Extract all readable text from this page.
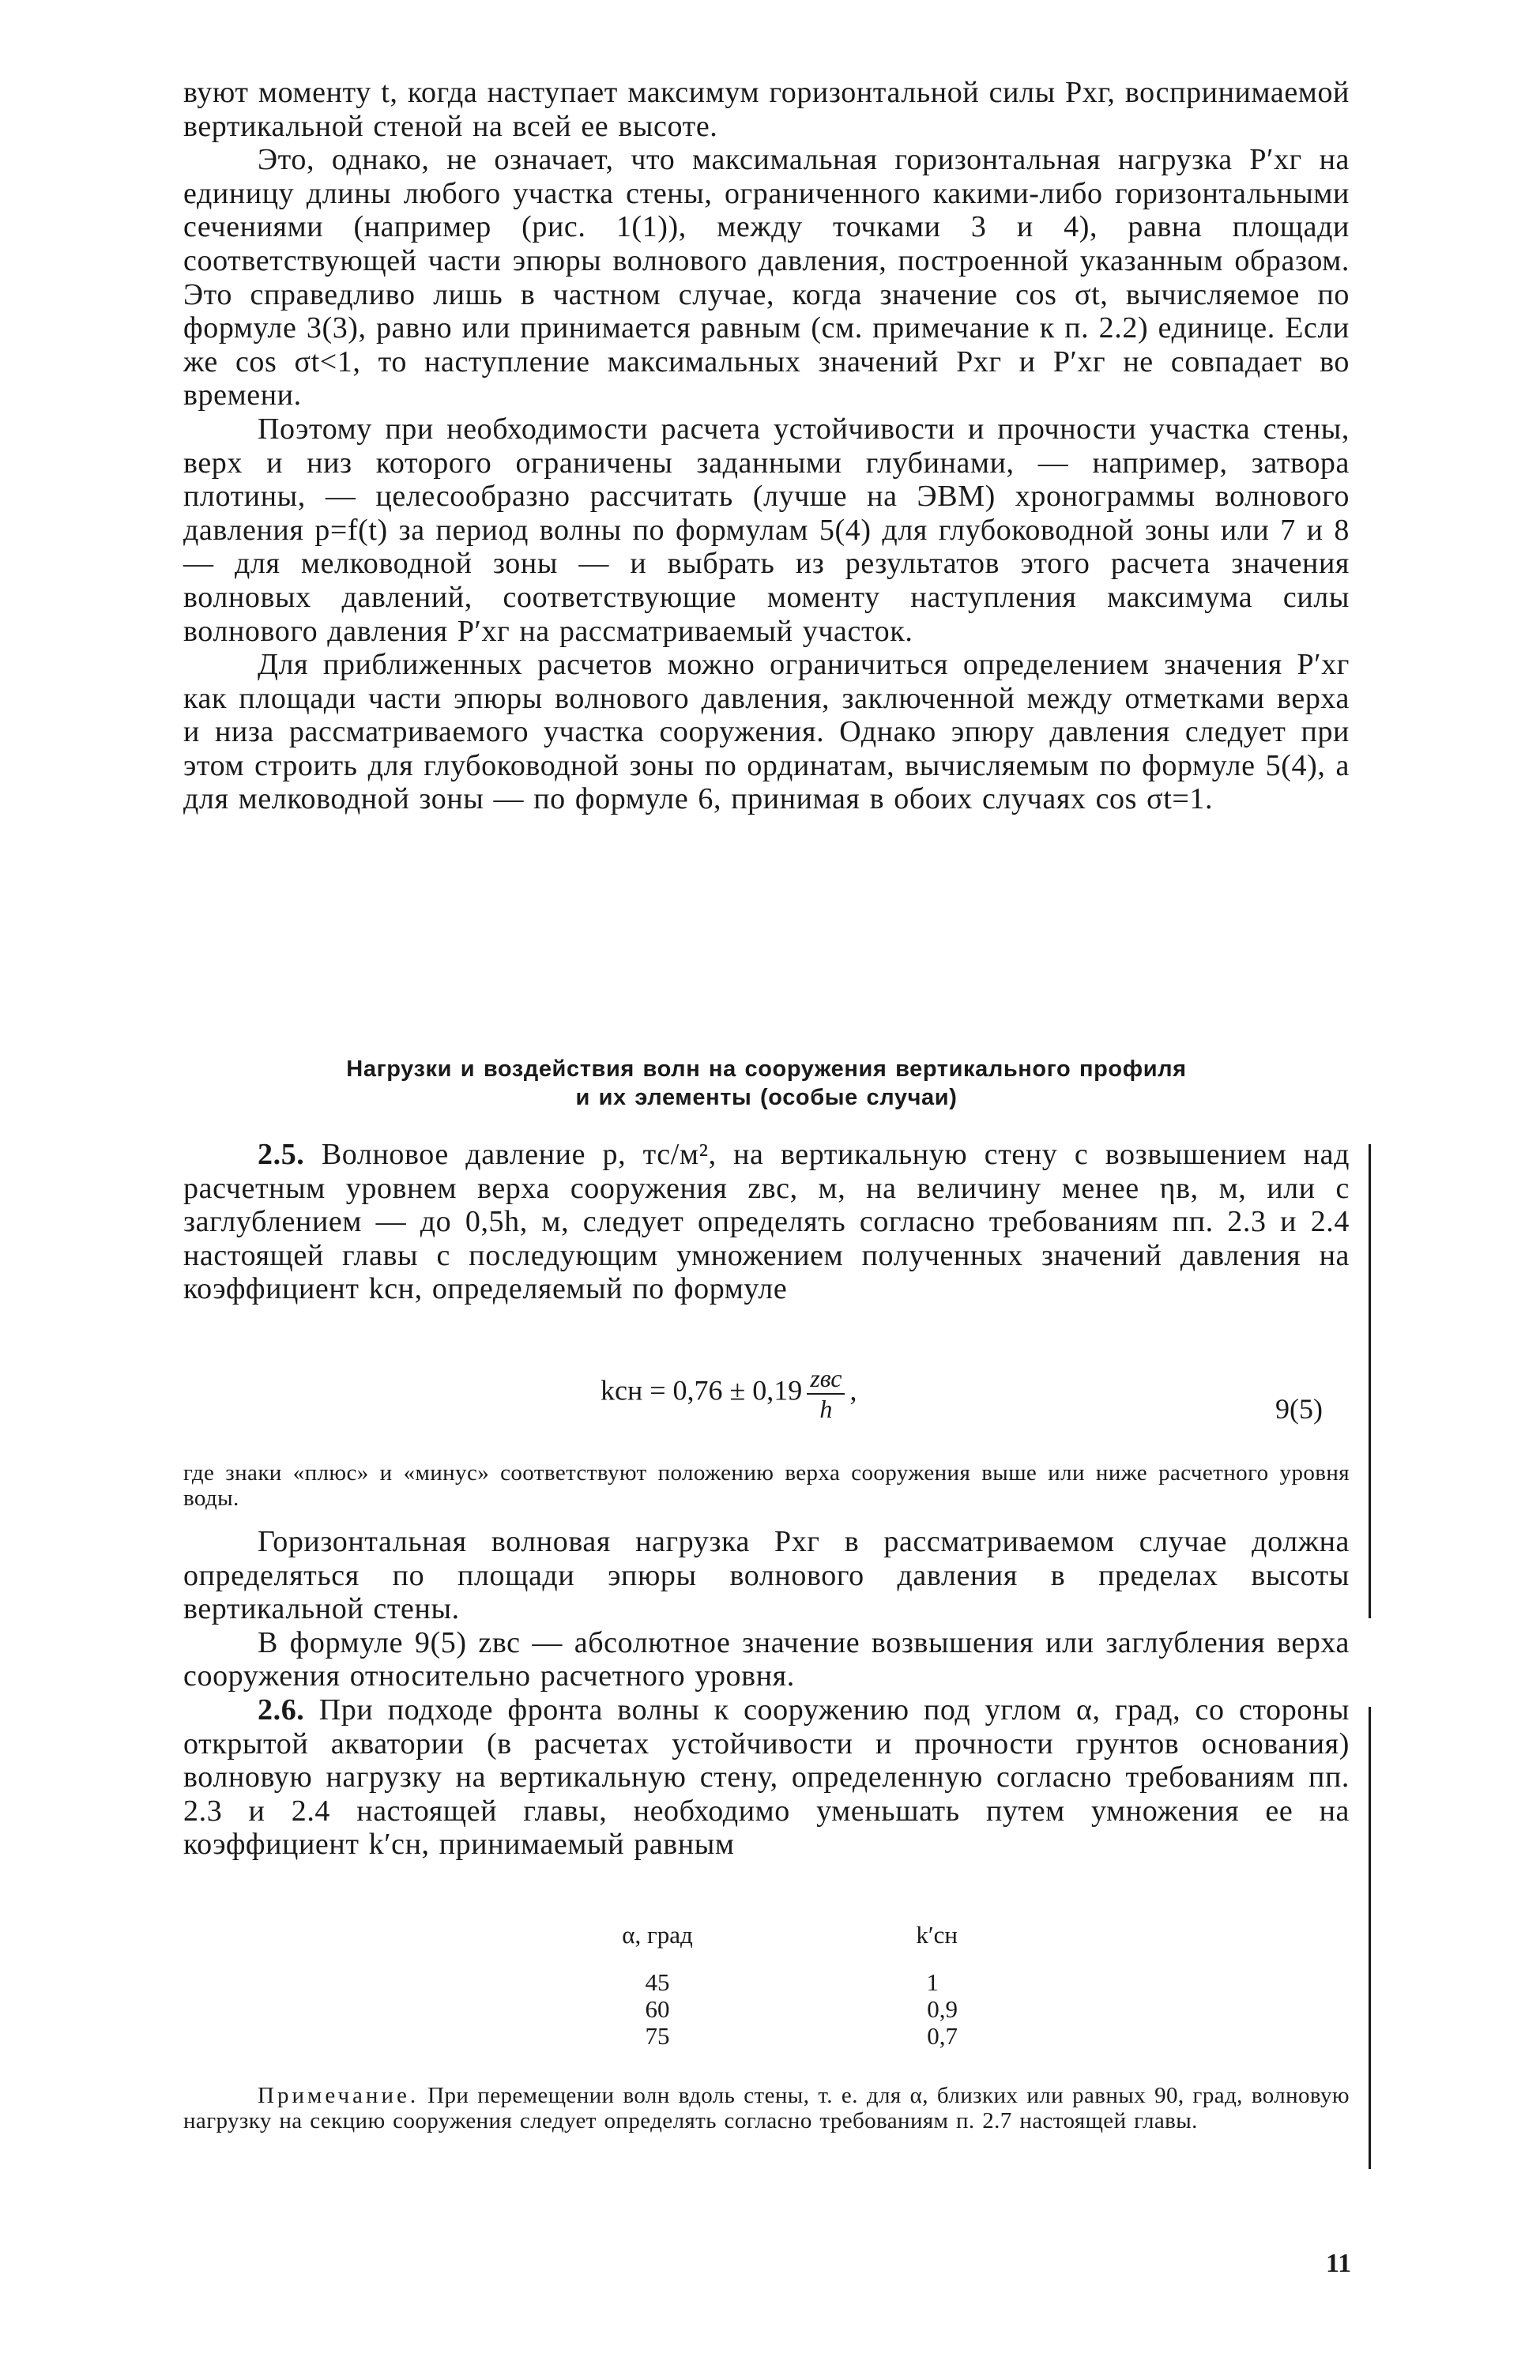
вуют моменту t, когда наступает максимум горизонтальной силы Pхг, воспринимаемой вертикальной стеной на всей ее высоте.

Это, однако, не означает, что максимальная горизонтальная нагрузка P′хг на единицу длины любого участка стены, ограниченного какими-либо горизонтальными сечениями (например (рис. 1(1)), между точками 3 и 4), равна площади соответствующей части эпюры волнового давления, построенной указанным образом. Это справедливо лишь в частном случае, когда значение cos σt, вычисляемое по формуле 3(3), равно или принимается равным (см. примечание к п. 2.2) единице. Если же cos σt<1, то наступление максимальных значений Pхг и P′хг не совпадает во времени.

Поэтому при необходимости расчета устойчивости и прочности участка стены, верх и низ которого ограничены заданными глубинами, — например, затвора плотины, — целесообразно рассчитать (лучше на ЭВМ) хронограммы волнового давления p=f(t) за период волны по формулам 5(4) для глубоководной зоны или 7 и 8 — для мелководной зоны — и выбрать из результатов этого расчета значения волновых давлений, соответствующие моменту наступления максимума силы волнового давления P′хг на рассматриваемый участок.

Для приближенных расчетов можно ограничиться определением значения P′хг как площади части эпюры волнового давления, заключенной между отметками верха и низа рассматриваемого участка сооружения. Однако эпюру давления следует при этом строить для глубоководной зоны по ординатам, вычисляемым по формуле 5(4), а для мелководной зоны — по формуле 6, принимая в обоих случаях cos σt=1.

Нагрузки и воздействия волн на сооружения вертикального профиля

и их элементы (особые случаи)

2.5. Волновое давление p, тс/м², на вертикальную стену с возвышением над расчетным уровнем верха сооружения zвс, м, на величину менее ηв, м, или с заглублением — до 0,5h, м, следует определять согласно требованиям пп. 2.3 и 2.4 настоящей главы с последующим умножением полученных значений давления на коэффициент kсн, определяемый по формуле

kсн = $0,76 \pm 0,19 \frac{\text{zвс}}{h}$ ,
9(5)

где знаки «плюс» и «минус» соответствуют положению верха сооружения выше или ниже расчетного уровня воды.

Горизонтальная волновая нагрузка Pхг в рассматриваемом случае должна определяться по площади эпюры волнового давления в пределах высоты вертикальной стены.

В формуле 9(5) zвс — абсолютное значение возвышения или заглубления верха сооружения относительно расчетного уровня.

2.6. При подходе фронта волны к сооружению под углом α, град, со стороны открытой акватории (в расчетах устойчивости и прочности грунтов основания) волновую нагрузку на вертикальную стену, определенную согласно требованиям пп. 2.3 и 2.4 настоящей главы, необходимо уменьшать путем умножения ее на коэффициент k′сн, принимаемый равным

α, град	k′сн
45	1
60	0,9
75	0,7

Примечание. При перемещении волн вдоль стены, т. е. для α, близких или равных 90, град, волновую нагрузку на секцию сооружения следует определять согласно требованиям п. 2.7 настоящей главы.

11
